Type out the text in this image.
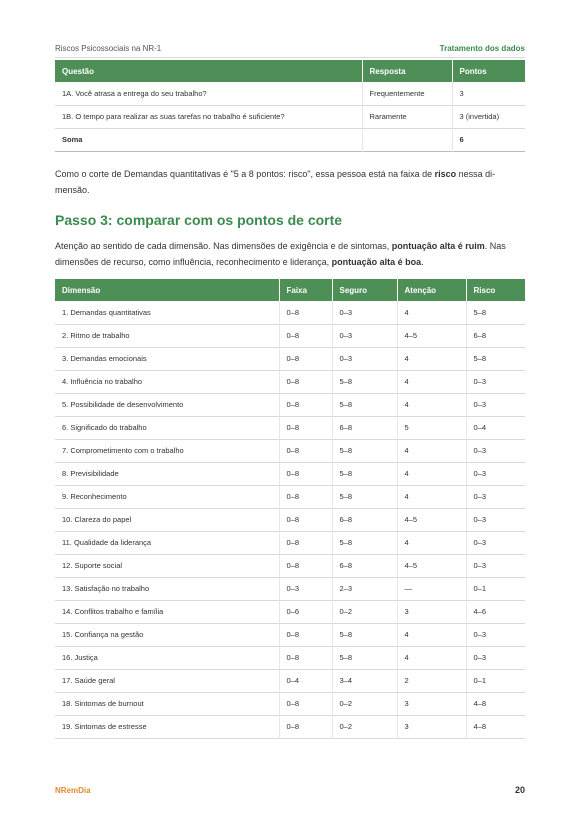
Riscos Psicossociais na NR-1	Tratamento dos dados
Questão	Resposta	Pontos
1A. Você atrasa a entrega do seu trabalho?	Frequentemente	3
1B. O tempo para realizar as suas tarefas no trabalho é suficiente?	Raramente	3 (invertida)
Soma		6
Como o corte de Demandas quantitativas é "5 a 8 pontos: risco", essa pessoa está na faixa de risco nessa di-mensão.
Passo 3: comparar com os pontos de corte
Atenção ao sentido de cada dimensão. Nas dimensões de exigência e de sintomas, pontuação alta é ruim. Nas dimensões de recurso, como influência, reconhecimento e liderança, pontuação alta é boa.
Dimensão	Faixa	Seguro	Atenção	Risco
1. Demandas quantitativas	0–8	0–3	4	5–8
2. Ritmo de trabalho	0–8	0–3	4–5	6–8
3. Demandas emocionais	0–8	0–3	4	5–8
4. Influência no trabalho	0–8	5–8	4	0–3
5. Possibilidade de desenvolvimento	0–8	5–8	4	0–3
6. Significado do trabalho	0–8	6–8	5	0–4
7. Comprometimento com o trabalho	0–8	5–8	4	0–3
8. Previsibilidade	0–8	5–8	4	0–3
9. Reconhecimento	0–8	5–8	4	0–3
10. Clareza do papel	0–8	6–8	4–5	0–3
11. Qualidade da liderança	0–8	5–8	4	0–3
12. Suporte social	0–8	6–8	4–5	0–3
13. Satisfação no trabalho	0–3	2–3	—	0–1
14. Conflitos trabalho e família	0–6	0–2	3	4–6
15. Confiança na gestão	0–8	5–8	4	0–3
16. Justiça	0–8	5–8	4	0–3
17. Saúde geral	0–4	3–4	2	0–1
18. Sintomas de burnout	0–8	0–2	3	4–8
19. Sintomas de estresse	0–8	0–2	3	4–8
NRemDia	20
